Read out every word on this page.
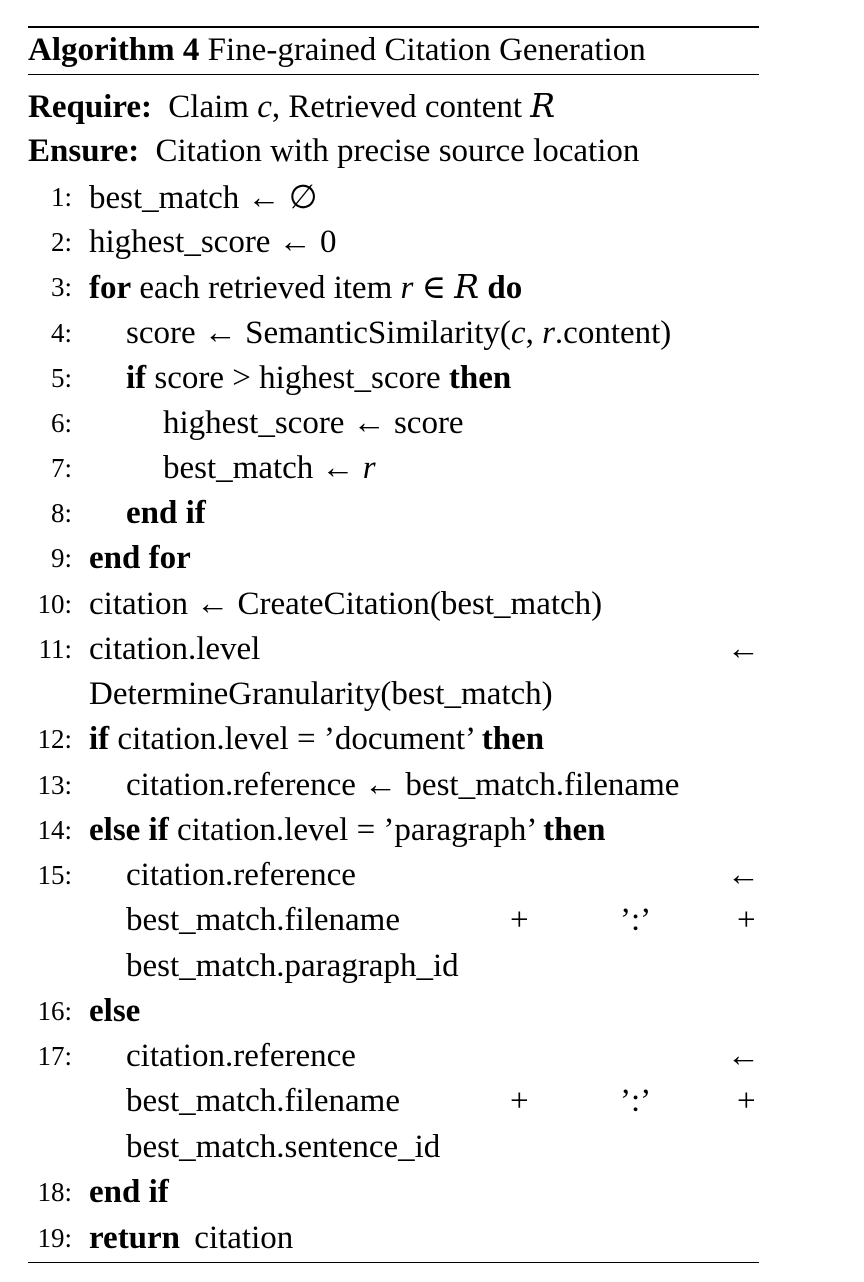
Algorithm 4 Fine-grained Citation Generation
Require: Claim c, Retrieved content R
Ensure: Citation with precise source location
1:
2:
3:
4:
5:
6:
7:
8:
9:
10:
11:
12:
13:
14:
15:
16:
17:
18:
19:
best_match ← ∅
highest_score ← 0
for each retrieved item r ∈ R do
score ← SemanticSimilarity(c, r.content)
if score > highest_score then
highest_score ← score
best_match ← r
end if
end for
citation ← CreateCitation(best_match)
citation.level	←
DetermineGranularity(best_match)
if citation.level = ’document’ then
citation.reference ← best_match.filename
else if citation.level = ’paragraph’ then
citation.reference	←
best_match.filename	+	’:’	+
best_match.paragraph_id
else
citation.reference	←
best_match.filename	+	’:’	+
best_match.sentence_id
end if
return citation
